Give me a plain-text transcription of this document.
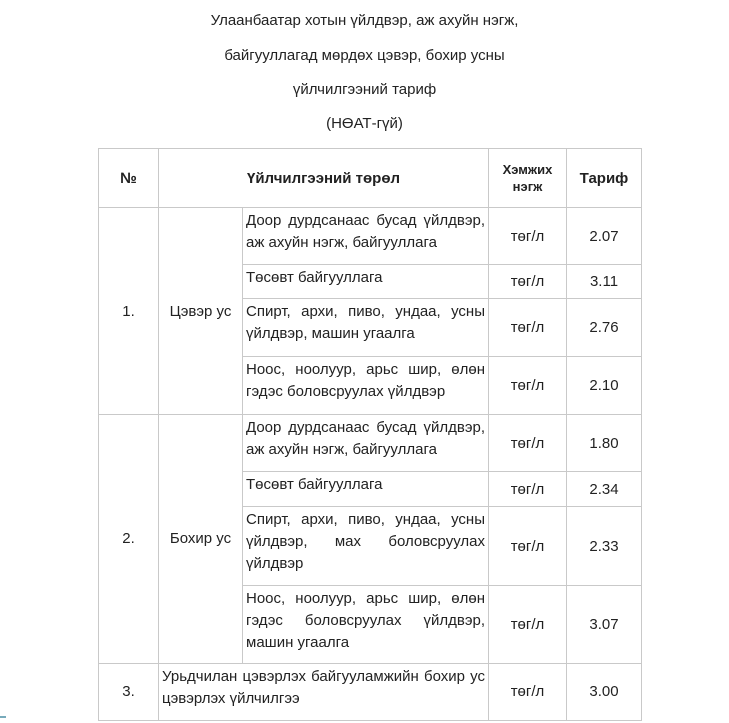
Улаанбаатар хотын үйлдвэр, аж ахуйн нэгж,
байгууллагад мөрдөх цэвэр, бохир усны
үйлчилгээний тариф
(НӨАТ-гүй)
№	Үйлчилгээний төрөл		Хэмжих нэгж	Тариф
1.	Цэвэр ус	Доор дурдсанаас бусад үйлдвэр, аж ахуйн нэгж, байгууллага	төг/л	2.07
		Төсөвт байгууллага	төг/л	3.11
		Спирт, архи, пиво, ундаа, усны үйлдвэр, машин угаалга	төг/л	2.76
		Ноос, ноолуур, арьс шир, өлөн гэдэс боловсруулах үйлдвэр	төг/л	2.10
2.	Бохир ус	Доор дурдсанаас бусад үйлдвэр, аж ахуйн нэгж, байгууллага	төг/л	1.80
		Төсөвт байгууллага	төг/л	2.34
		Спирт, архи, пиво, ундаа, усны үйлдвэр, мах боловсруулах үйлдвэр	төг/л	2.33
		Ноос, ноолуур, арьс шир, өлөн гэдэс боловсруулах үйлдвэр, машин угаалга	төг/л	3.07
3.	Урьдчилан цэвэрлэх байгууламжийн бохир ус цэвэрлэх үйлчилгээ		төг/л	3.00
